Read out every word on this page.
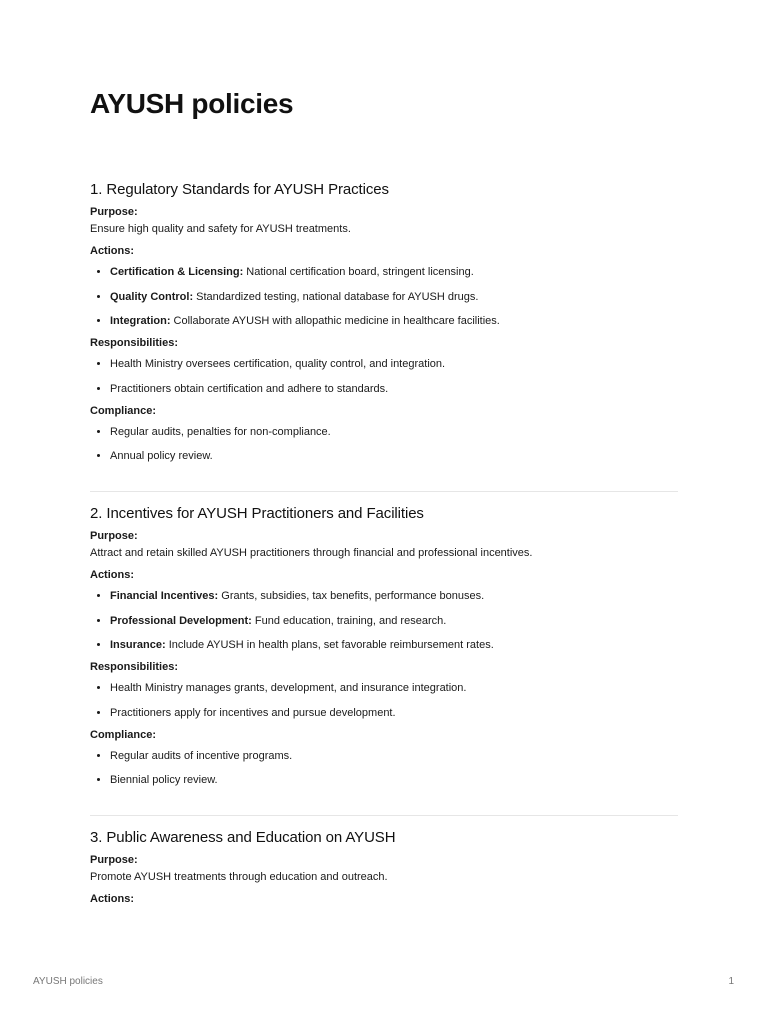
AYUSH policies
1. Regulatory Standards for AYUSH Practices

Purpose:

Ensure high quality and safety for AYUSH treatments.

Actions:

• Certification & Licensing: National certification board, stringent licensing.
• Quality Control: Standardized testing, national database for AYUSH drugs.
• Integration: Collaborate AYUSH with allopathic medicine in healthcare facilities.

Responsibilities:

• Health Ministry oversees certification, quality control, and integration.
• Practitioners obtain certification and adhere to standards.

Compliance:

• Regular audits, penalties for non-compliance.
• Annual policy review.
2. Incentives for AYUSH Practitioners and Facilities

Purpose:

Attract and retain skilled AYUSH practitioners through financial and professional incentives.

Actions:

• Financial Incentives: Grants, subsidies, tax benefits, performance bonuses.
• Professional Development: Fund education, training, and research.
• Insurance: Include AYUSH in health plans, set favorable reimbursement rates.

Responsibilities:

• Health Ministry manages grants, development, and insurance integration.
• Practitioners apply for incentives and pursue development.

Compliance:

• Regular audits of incentive programs.
• Biennial policy review.
3. Public Awareness and Education on AYUSH

Purpose:

Promote AYUSH treatments through education and outreach.

Actions:

AYUSH policies	1
